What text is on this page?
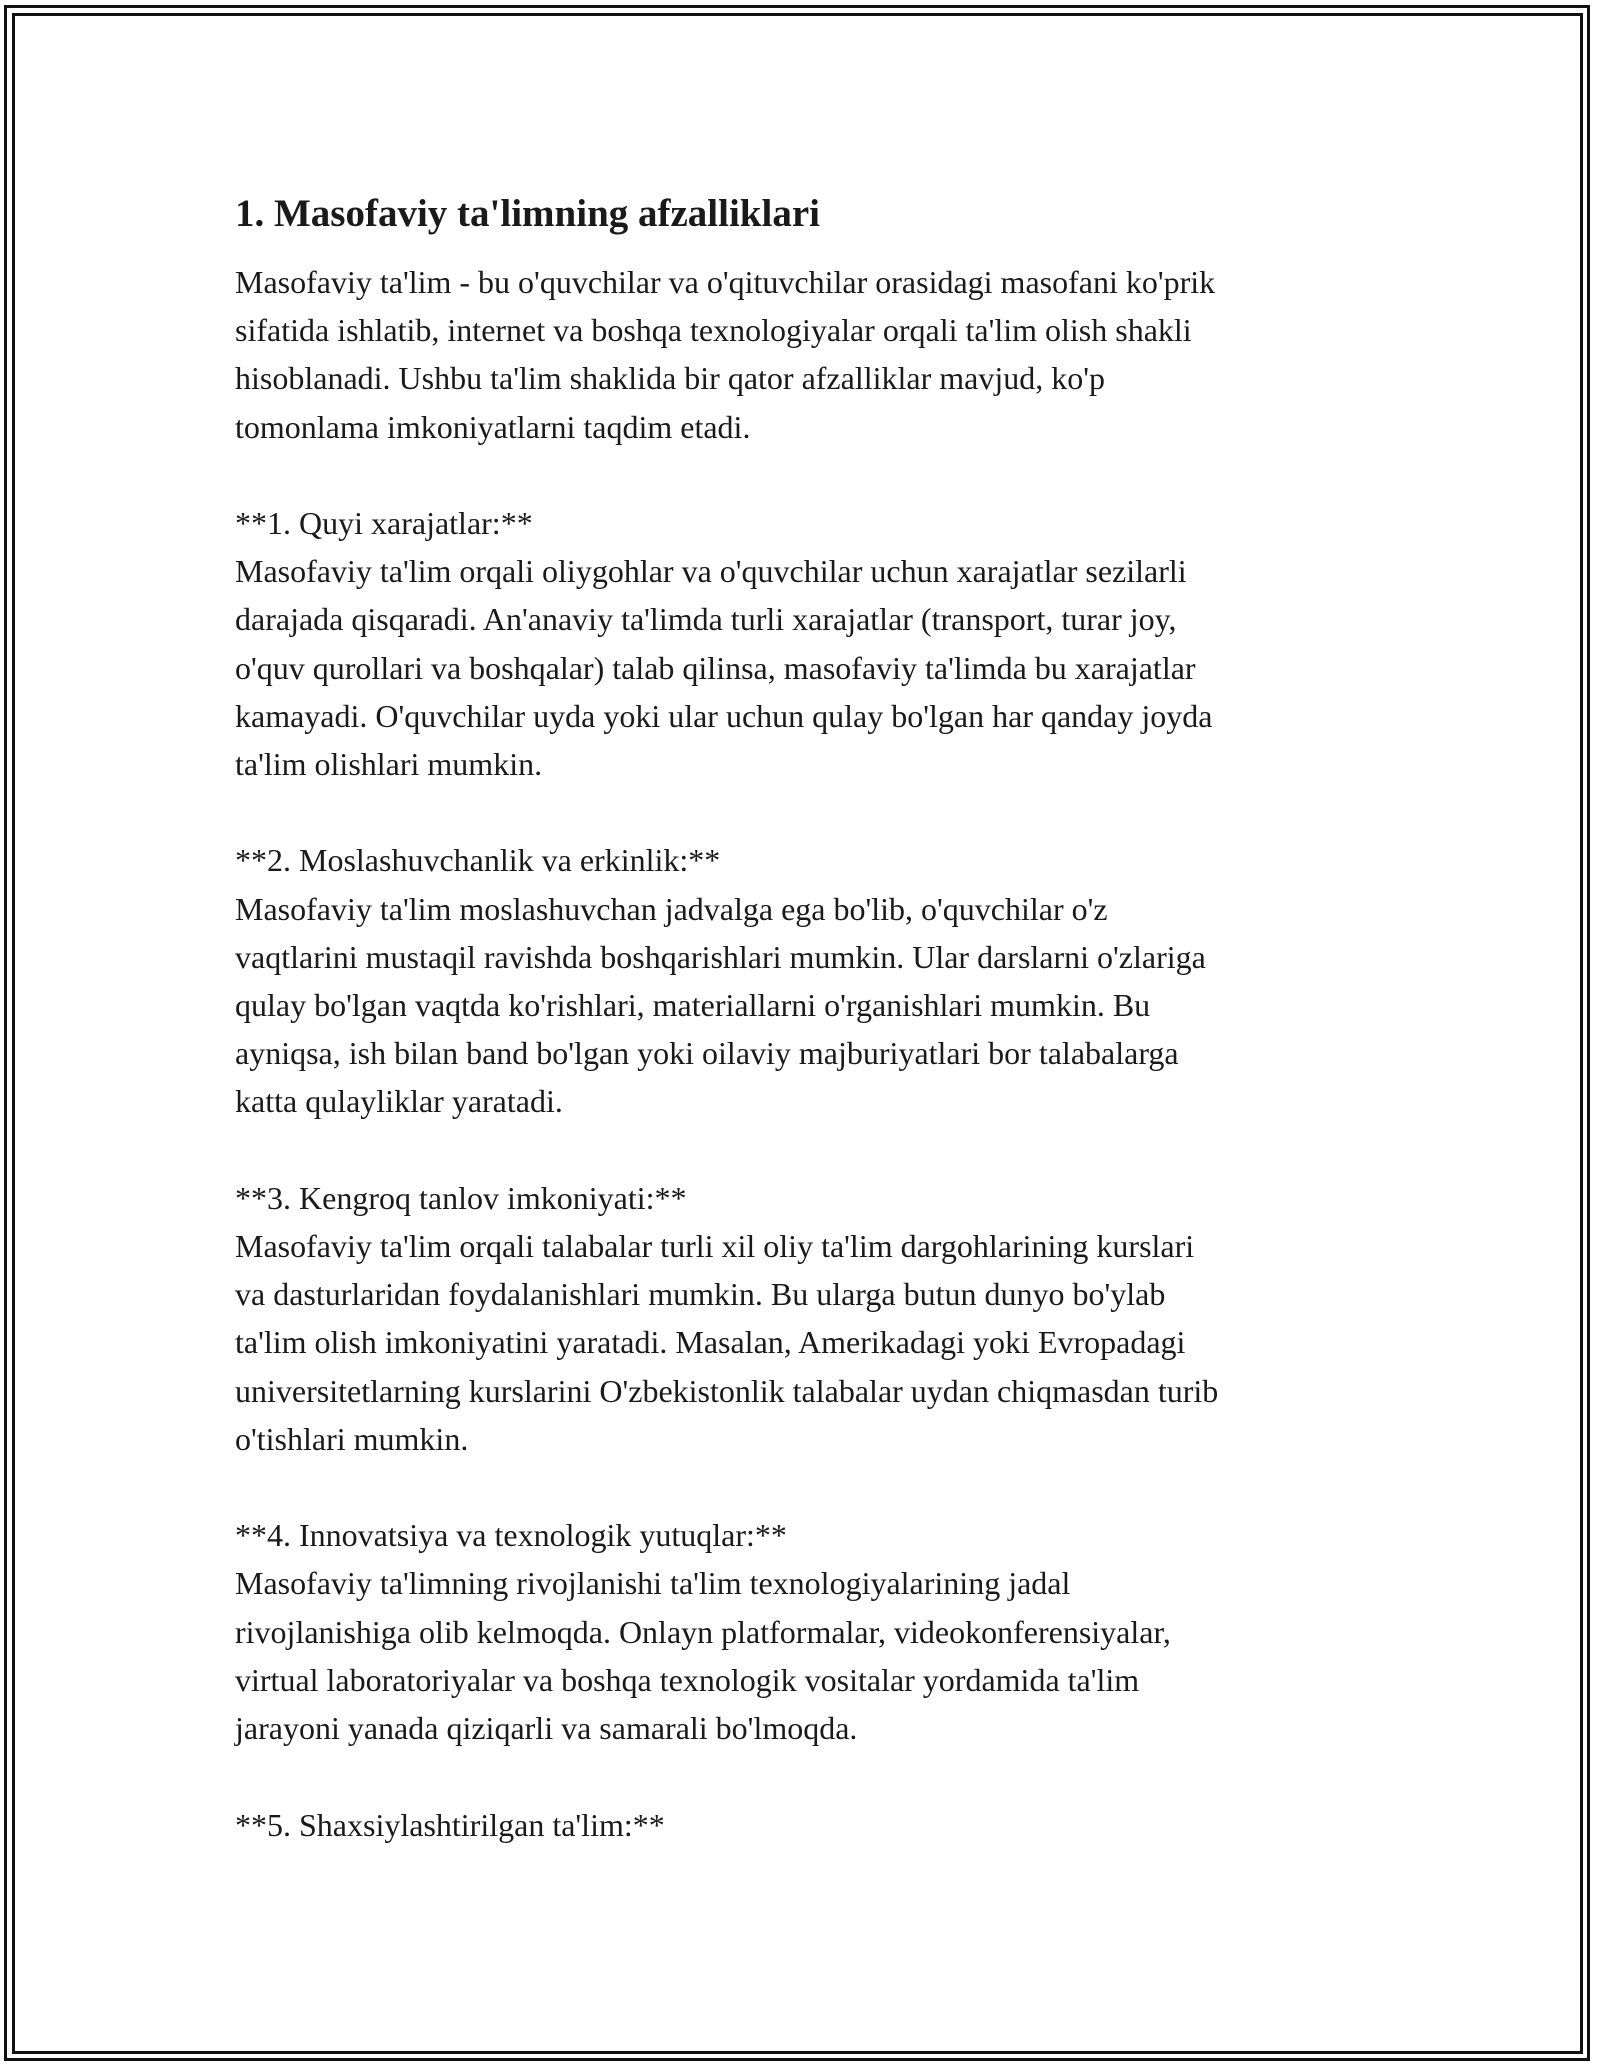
1. Masofaviy ta'limning afzalliklari

Masofaviy ta'lim - bu o'quvchilar va o'qituvchilar orasidagi masofani ko'prik
sifatida ishlatib, internet va boshqa texnologiyalar orqali ta'lim olish shakli
hisoblanadi. Ushbu ta'lim shaklida bir qator afzalliklar mavjud, ko'p
tomonlama imkoniyatlarni taqdim etadi.

**1. Quyi xarajatlar:**
Masofaviy ta'lim orqali oliygohlar va o'quvchilar uchun xarajatlar sezilarli
darajada qisqaradi. An'anaviy ta'limda turli xarajatlar (transport, turar joy,
o'quv qurollari va boshqalar) talab qilinsa, masofaviy ta'limda bu xarajatlar
kamayadi. O'quvchilar uyda yoki ular uchun qulay bo'lgan har qanday joyda
ta'lim olishlari mumkin.

**2. Moslashuvchanlik va erkinlik:**
Masofaviy ta'lim moslashuvchan jadvalga ega bo'lib, o'quvchilar o'z
vaqtlarini mustaqil ravishda boshqarishlari mumkin. Ular darslarni o'zlariga
qulay bo'lgan vaqtda ko'rishlari, materiallarni o'rganishlari mumkin. Bu
ayniqsa, ish bilan band bo'lgan yoki oilaviy majburiyatlari bor talabalarga
katta qulayliklar yaratadi.

**3. Kengroq tanlov imkoniyati:**
Masofaviy ta'lim orqali talabalar turli xil oliy ta'lim dargohlarining kurslari
va dasturlaridan foydalanishlari mumkin. Bu ularga butun dunyo bo'ylab
ta'lim olish imkoniyatini yaratadi. Masalan, Amerikadagi yoki Evropadagi
universitetlarning kurslarini O'zbekistonlik talabalar uydan chiqmasdan turib
o'tishlari mumkin.

**4. Innovatsiya va texnologik yutuqlar:**
Masofaviy ta'limning rivojlanishi ta'lim texnologiyalarining jadal
rivojlanishiga olib kelmoqda. Onlayn platformalar, videokonferensiyalar,
virtual laboratoriyalar va boshqa texnologik vositalar yordamida ta'lim
jarayoni yanada qiziqarli va samarali bo'lmoqda.

**5. Shaxsiylashtirilgan ta'lim:**
